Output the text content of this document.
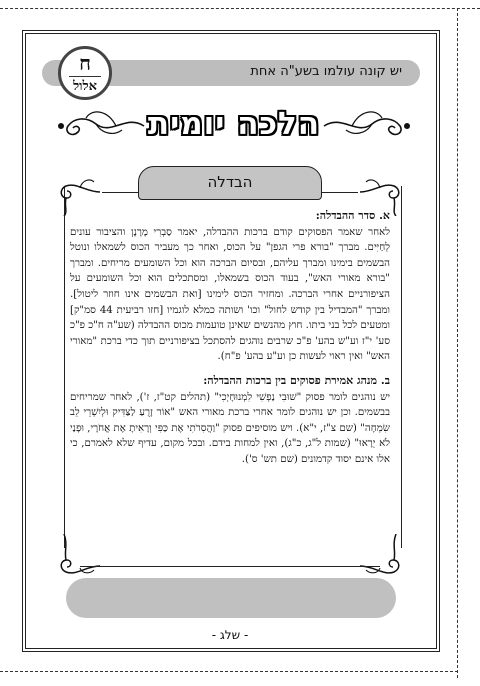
יש קונה עולמו בשע"ה אחת
ח
אלול
הלכה יומית
הבדלה

א. סדר ההבדלה:

לאחר שאמר הפסוקים קודם ברכות ההבדלה, יאמר סַבְרִי מָרָנָן והציבור עונים לְחַיִּים. מברך "בורא פרי הגפן" על הכוס, ואחר כך מעביר הכוס לשמאלו ונוטל הבשמים בימינו ומברך עליהם, ובסיום הברכה הוא וכל השומעים מריחים. ומברך "בורא מאורי האש", בעוד הכוס בשמאלו, ומסתכלים הוא וכל השומעים על הציפורניים אחרי הברכה. ומחזיר הכוס לימינו [ואת הבשמים אינו חוזר ליטול]. ומברך "המבדיל בין קודש לחול" וכו' ושותה כמלא לוגמיו [חזו רביעית 44 סמ"ק] ומטעים לכל בני ביתו. חוץ מהנשים שאינן טועמות מכוס ההבדלה (שע"ה ח"כ פ"כ סע' י"ז וע"ש בהע' פ"כ שרבים נוהגים להסתכל בציפורניים תוך כדי ברכת "מאורי האש" ואין ראוי לעשות כן וע"ע בהע' פ"ח).

ב. מנהג אמירת פסוקים בין ברכות ההבדלה:

יש נוהגים לומר פסוק "שׁוּבִי נַפְשִׁי לִמְנוּחָיְכִי" (תהלים קט"ז, ז'), לאחר שמריחים בבשמים. וכן יש נוהגים לומר אחרי ברכת מאורי האש "אוֹר זָרֻעַ לַצַּדִּיק וּלְיִשְׁרֵי לֵב שִׂמְחָה" (שם צ"ז, י"א). ויש מוסיפים פסוק "וַהֲסִרֹתִי אֶת כַּפִּי וְרָאִיתָ אֶת אֲחֹרָי, וּפָנַי לֹא יֵרָאוּ" (שמות ל"ג, כ"ג), ואין למחות בידם. ובכל מקום, עדיף שלא לאמרם, כי אלו אינם יסוד קדמונים (שם תש' ס').

- שלג -
